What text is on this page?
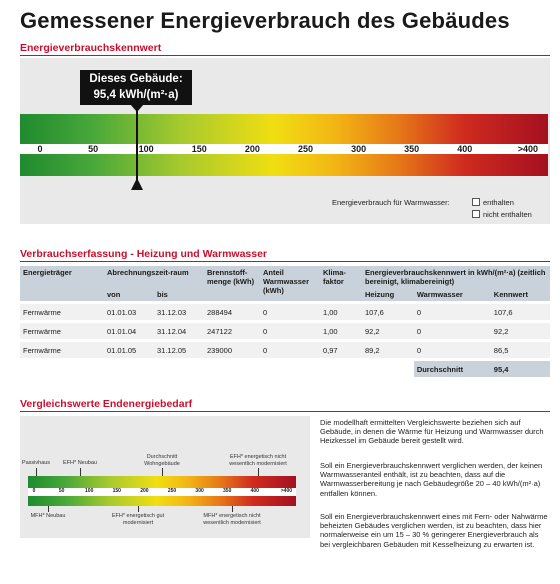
Gemessener Energieverbrauch des Gebäudes
Energieverbrauchskennwert
0	50	100	150	200	250	300	350	400	>400
Dieses Gebäude:
95,4 kWh/(m²·a)
Energieverbrauch für Warmwasser:	enthalten
nicht enthalten
Verbrauchserfassung - Heizung und Warmwasser
Energieträger	Abrechnungszeit-raum		Brennstoff-menge (kWh)	Anteil Warmwasser (kWh)	Klima-faktor	Energieverbrauchskennwert in kWh/(m²·a) (zeitlich bereinigt, klimabereinigt)		
	von	bis				Heizung	Warmwasser	Kennwert
Fernwärme	01.01.03	31.12.03	288494	0	1,00	107,6	0	107,6
Fernwärme	01.01.04	31.12.04	247122	0	1,00	92,2	0	92,2
Fernwärme	01.01.05	31.12.05	239000	0	0,97	89,2	0	86,5
							Durchschnitt	95,4
Vergleichswerte Endenergiebedarf
Passivhaus EFH* Neubau
Durchschnitt Wohngebäude
EFH* energetisch nicht wesentlich modernisiert
0	50	100	150	200	250	300	350	400	>400
MFH* Neubau	EFH* energetisch gut modernisiert
MFH* energetisch nicht wesentlich modernisiert

Die modellhaft ermittelten Vergleichswerte beziehen sich auf Gebäude, in denen die Wärme für Heizung und Warmwasser durch Heizkessel im Gebäude bereit gestellt wird.

Soll ein Energieverbrauchskennwert verglichen werden, der keinen Warmwasseranteil enthält, ist zu beachten, dass auf die Warmwasserbereitung je nach Gebäudegröße 20 – 40 kWh/(m²·a) entfallen können.

Soll ein Energieverbrauchskennwert eines mit Fern- oder Nahwärme beheizten Gebäudes verglichen werden, ist zu beachten, dass hier normalerweise ein um 15 – 30 % geringerer Energieverbrauch als bei vergleichbaren Gebäuden mit Kesselheizung zu erwarten ist.
